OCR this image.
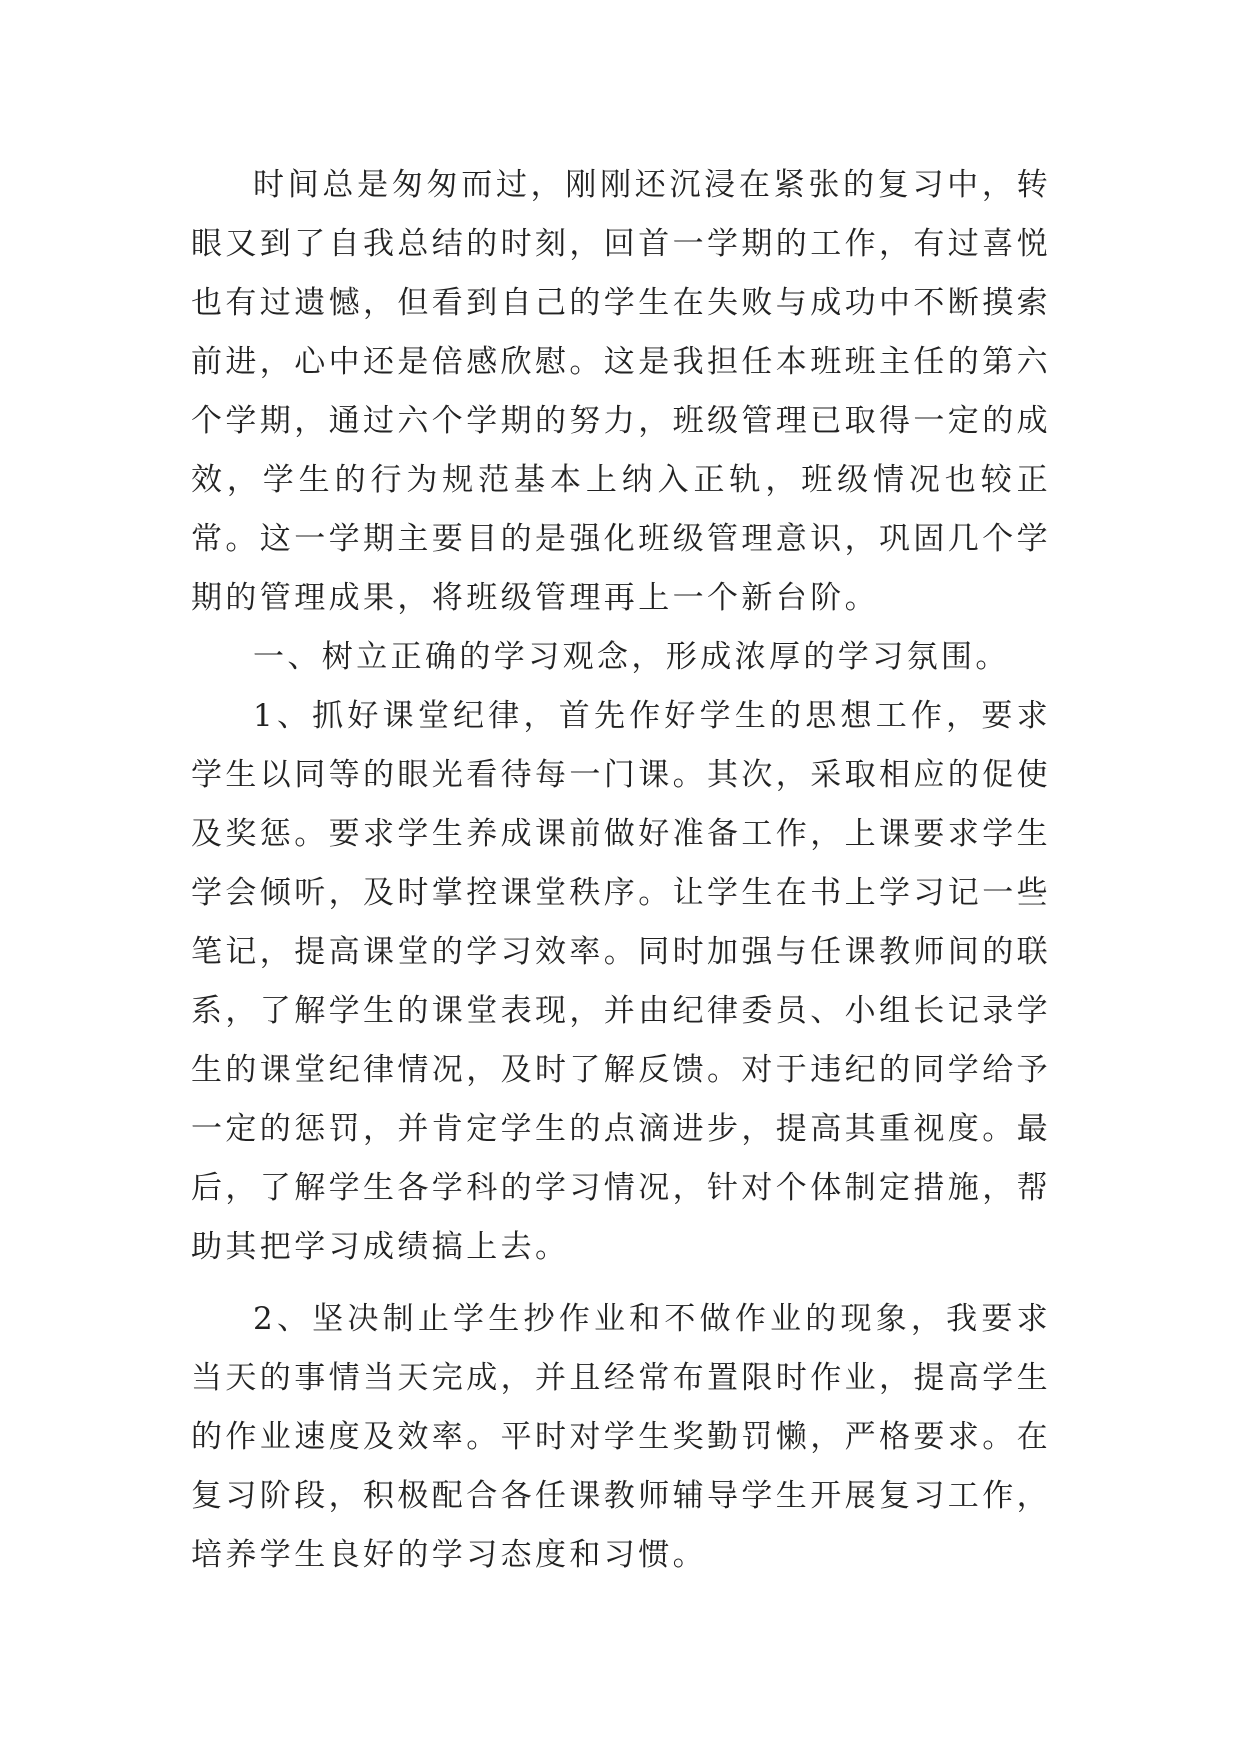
时间总是匆匆而过，刚刚还沉浸在紧张的复习中，转眼又到了自我总结的时刻，回首一学期的工作，有过喜悦也有过遗憾，但看到自己的学生在失败与成功中不断摸索前进，心中还是倍感欣慰。这是我担任本班班主任的第六个学期，通过六个学期的努力，班级管理已取得一定的成效，学生的行为规范基本上纳入正轨，班级情况也较正常。这一学期主要目的是强化班级管理意识，巩固几个学期的管理成果，将班级管理再上一个新台阶。

一、树立正确的学习观念，形成浓厚的学习氛围。

1、抓好课堂纪律，首先作好学生的思想工作，要求学生以同等的眼光看待每一门课。其次，采取相应的促使及奖惩。要求学生养成课前做好准备工作，上课要求学生学会倾听，及时掌控课堂秩序。让学生在书上学习记一些笔记，提高课堂的学习效率。同时加强与任课教师间的联系，了解学生的课堂表现，并由纪律委员、小组长记录学生的课堂纪律情况，及时了解反馈。对于违纪的同学给予一定的惩罚，并肯定学生的点滴进步，提高其重视度。最后，了解学生各学科的学习情况，针对个体制定措施，帮助其把学习成绩搞上去。

2、坚决制止学生抄作业和不做作业的现象，我要求当天的事情当天完成，并且经常布置限时作业，提高学生的作业速度及效率。平时对学生奖勤罚懒，严格要求。在复习阶段，积极配合各任课教师辅导学生开展复习工作，培养学生良好的学习态度和习惯。
